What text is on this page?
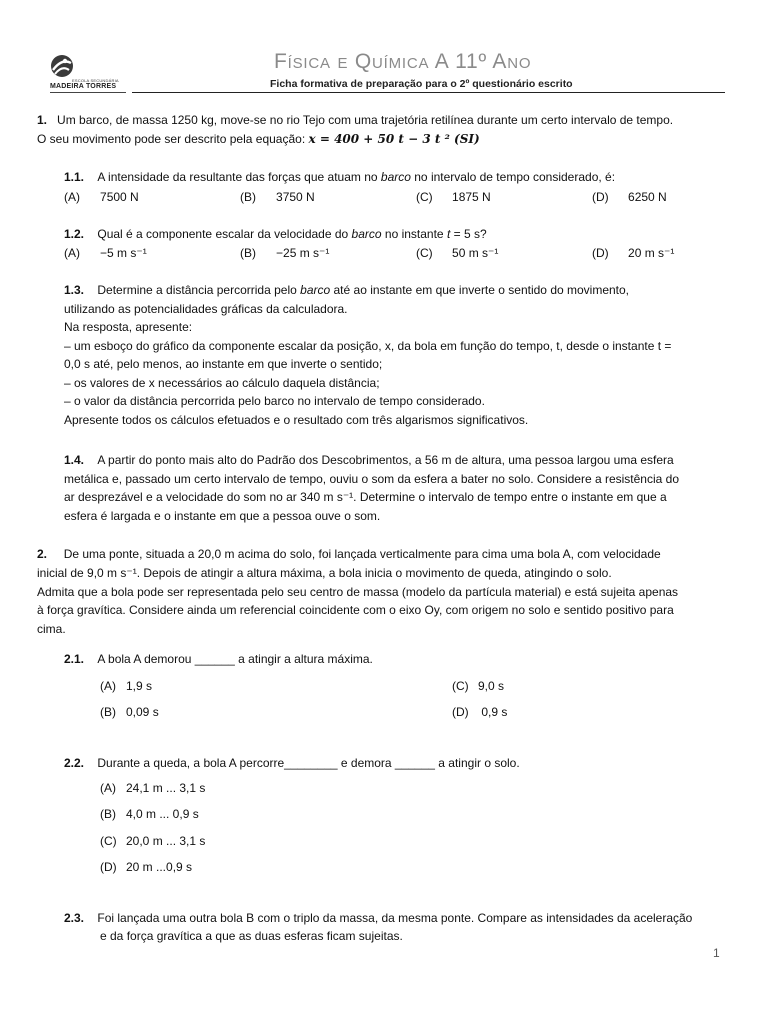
ESCOLA SECUNDÁRIA
MADEIRA TORRES
Física e Química A 11º Ano
Ficha formativa de preparação para o 2º questionário escrito
1. Um barco, de massa 1250 kg, move-se no rio Tejo com uma trajetória retilínea durante um certo intervalo de tempo.
O seu movimento pode ser descrito pela equação: x = 400 + 50 t − 3 t ² (SI)
1.1. A intensidade da resultante das forças que atuam no barco no intervalo de tempo considerado, é:
(A) 7500 N	(B) 3750 N	(C) 1875 N	(D) 6250 N
1.2. Qual é a componente escalar da velocidade do barco no instante t = 5 s?
(A) −5 m s⁻¹	(B) −25 m s⁻¹	(C) 50 m s⁻¹	(D) 20 m s⁻¹
1.3. Determine a distância percorrida pelo barco até ao instante em que inverte o sentido do movimento,
utilizando as potencialidades gráficas da calculadora.
Na resposta, apresente:
– um esboço do gráfico da componente escalar da posição, x, da bola em função do tempo, t, desde o instante t =
0,0 s até, pelo menos, ao instante em que inverte o sentido;
– os valores de x necessários ao cálculo daquela distância;
– o valor da distância percorrida pelo barco no intervalo de tempo considerado.
Apresente todos os cálculos efetuados e o resultado com três algarismos significativos.
1.4. A partir do ponto mais alto do Padrão dos Descobrimentos, a 56 m de altura, uma pessoa largou uma esfera
metálica e, passado um certo intervalo de tempo, ouviu o som da esfera a bater no solo. Considere a resistência do
ar desprezável e a velocidade do som no ar 340 m s⁻¹. Determine o intervalo de tempo entre o instante em que a
esfera é largada e o instante em que a pessoa ouve o som.
2. De uma ponte, situada a 20,0 m acima do solo, foi lançada verticalmente para cima uma bola A, com velocidade
inicial de 9,0 m s⁻¹. Depois de atingir a altura máxima, a bola inicia o movimento de queda, atingindo o solo.
Admita que a bola pode ser representada pelo seu centro de massa (modelo da partícula material) e está sujeita apenas
à força gravítica. Considere ainda um referencial coincidente com o eixo Oy, com origem no solo e sentido positivo para
cima.
2.1. A bola A demorou ______ a atingir a altura máxima.
(A) 1,9 s	(C) 9,0 s
(B) 0,09 s	(D) 0,9 s
2.2. Durante a queda, a bola A percorre________ e demora ______ a atingir o solo.
(A) 24,1 m ... 3,1 s
(B) 4,0 m ... 0,9 s
(C) 20,0 m ... 3,1 s
(D) 20 m ...0,9 s
2.3. Foi lançada uma outra bola B com o triplo da massa, da mesma ponte. Compare as intensidades da aceleração
e da força gravítica a que as duas esferas ficam sujeitas.
1
